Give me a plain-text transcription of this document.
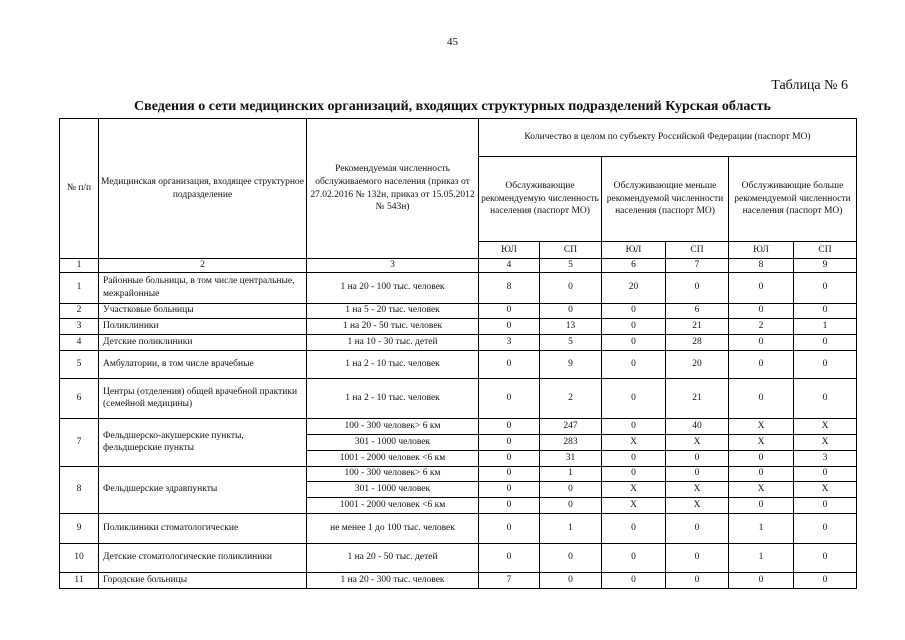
45
Таблица № 6
Сведения о сети медицинских организаций, входящих структурных подразделений Курская область
№ п/п	Медицинская организация, входящее структурное подразделение	Рекомендуемая численность обслуживаемого населения (приказ от 27.02.2016 № 132н, приказ от 15.05.2012 № 543н)	Количество в целом по субъекту Российской Федерации (паспорт МО)					
			Обслуживающие рекомендуемую численность населения (паспорт МО)		Обслуживающие меньше рекомендуемой численности населения (паспорт МО)		Обслуживающие больше рекомендуемой численности населения (паспорт МО)	
			ЮЛ	СП	ЮЛ	СП	ЮЛ	СП
1	2	3	4	5	6	7	8	9
1	Районные больницы, в том числе центральные, межрайонные	1 на 20 - 100 тыс. человек	8	0	20	0	0	0
2	Участковые больницы	1 на 5 - 20 тыс. человек	0	0	0	6	0	0
3	Поликлиники	1 на 20 - 50 тыс. человек	0	13	0	21	2	1
4	Детские поликлиники	1 на 10 - 30 тыс. детей	3	5	0	28	0	0
5	Амбулатории, в том числе врачебные	1 на 2 - 10 тыс. человек	0	9	0	20	0	0
6	Центры (отделения) общей врачебной практики (семейной медицины)	1 на 2 - 10 тыс. человек	0	2	0	21	0	0
7	Фельдшерско-акушерские пункты, фельдшерские пункты	100 - 300 человек> 6 км	0	247	0	40	X	X
		301 - 1000 человек	0	283	X	X	X	X
		1001 - 2000 человек <6 км	0	31	0	0	0	3
8	Фельдшерские здравпункты	100 - 300 человек> 6 км	0	1	0	0	0	0
		301 - 1000 человек	0	0	X	X	X	X
		1001 - 2000 человек <6 км	0	0	X	X	0	0
9	Поликлиники стоматологические	не менее 1 до 100 тыс. человек	0	1	0	0	1	0
10	Детские стоматологические поликлиники	1 на 20 - 50 тыс. детей	0	0	0	0	1	0
11	Городские больницы	1 на 20 - 300 тыс. человек	7	0	0	0	0	0
